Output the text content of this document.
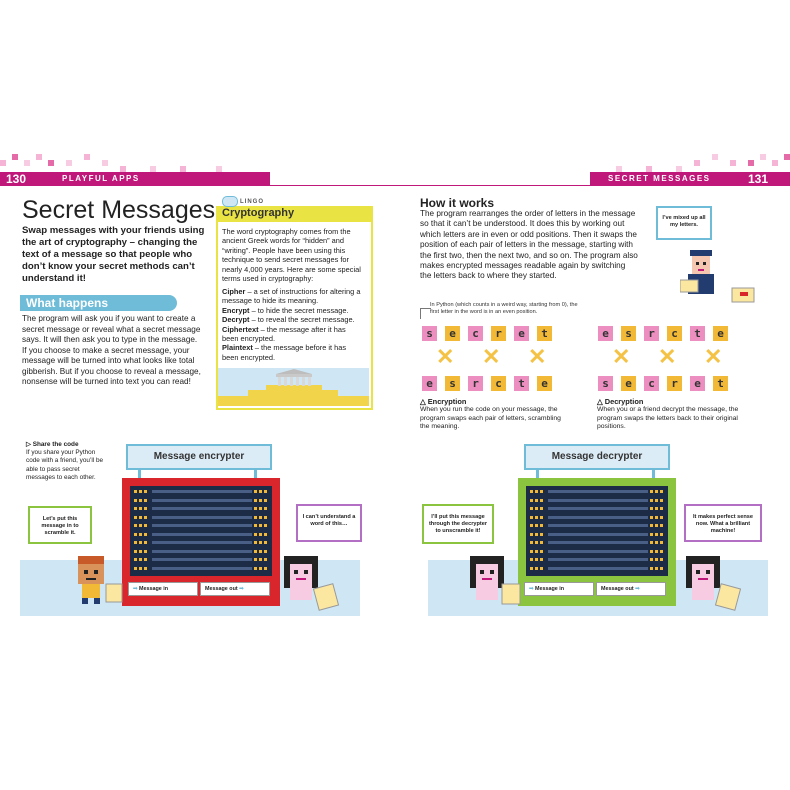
130	PLAYFUL APPS	SECRET MESSAGES	131
Secret Messages
Swap messages with your friends using the art of cryptography – changing the text of a message so that people who don’t know your secret methods can’t understand it!
What happens
The program will ask you if you want to create a secret message or reveal what a secret message says. It will then ask you to type in the message. If you choose to make a secret message, your message will be turned into what looks like total gibberish. But if you choose to reveal a message, nonsense will be turned into text you can read!
LINGO
Cryptography
The word cryptography comes from the ancient Greek words for “hidden” and “writing”. People have been using this technique to send secret messages for nearly 4,000 years. Here are some special terms used in cryptography:
Cipher – a set of instructions for altering a message to hide its meaning.
Encrypt – to hide the secret message.
Decrypt – to reveal the secret message.
Ciphertext – the message after it has been encrypted.
Plaintext – the message before it has been encrypted.
How it works
The program rearranges the order of letters in the message so that it can’t be understood. It does this by working out which letters are in even or odd positions. Then it swaps the position of each pair of letters in the message, starting with the first two, then the next two, and so on. The program also makes encrypted messages readable again by switching the letters back to where they started.
I’ve mixed up all my letters.
In Python (which counts in a weird way, starting from 0), the first letter in the word is in an even position.
s	e	c	r	e	t
e	s	r	c	t	e
✕ ✕ ✕
e	s	r	c	t	e
s	e	c	r	e	t
✕ ✕ ✕
△ Encryption
When you run the code on your message, the program swaps each pair of letters, scrambling the meaning.
△ Decryption
When you or a friend decrypt the message, the program swaps the letters back to their original positions.
▷ Share the code
If you share your Python code with a friend, you’ll be able to pass secret messages to each other.
Message encrypter
➡ Message in	Message out ➡
Let’s put this message in to scramble it.
I can’t understand a word of this…
Message decrypter
➡ Message in	Message out ➡
I’ll put this message through the decrypter to unscramble it!
It makes perfect sense now. What a brilliant machine!
